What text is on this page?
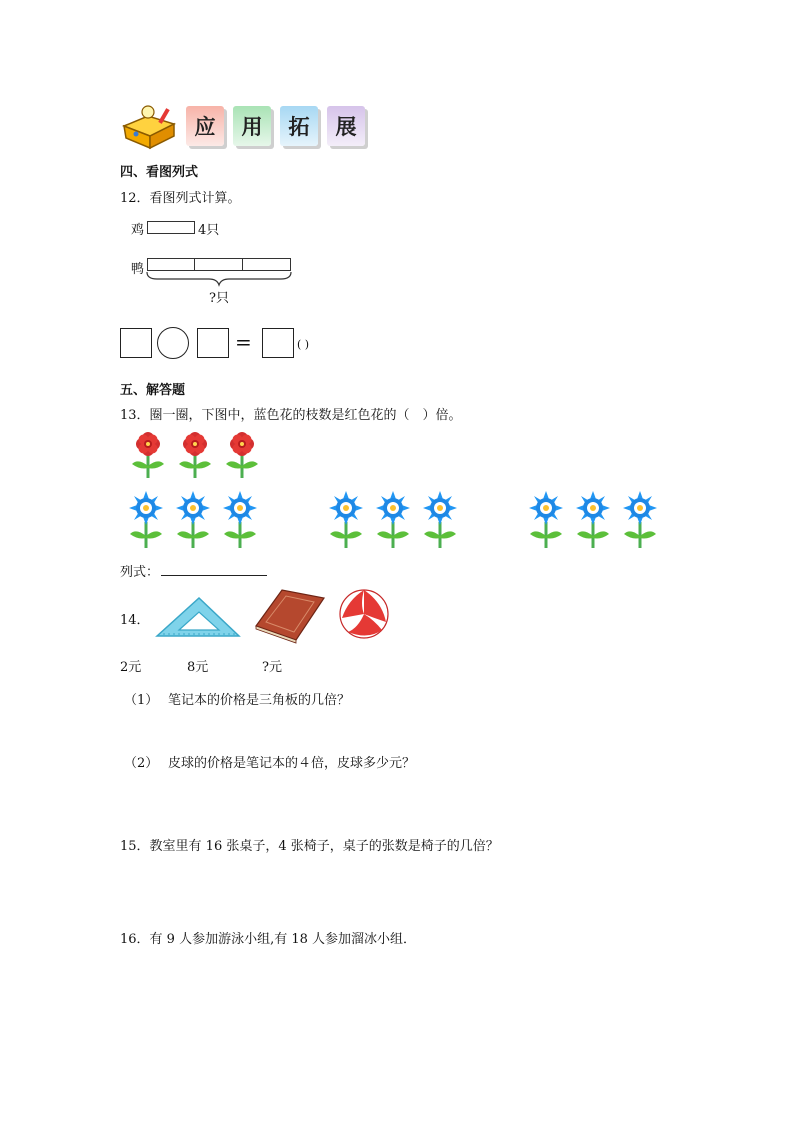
应 用 拓 展
四、看图列式
12．看图列式计算。
鸡	4只
鸭
?只
=	( )
五、解答题
13．圈一圈，下图中，蓝色花的枝数是红色花的（　）倍。
列式：
14．
2元	8元	?元
（1） 笔记本的价格是三角板的几倍？
（2） 皮球的价格是笔记本的４倍，皮球多少元？
15．教室里有 16 张桌子，4 张椅子，桌子的张数是椅子的几倍？
16．有 9 人参加游泳小组,有 18 人参加溜冰小组．
